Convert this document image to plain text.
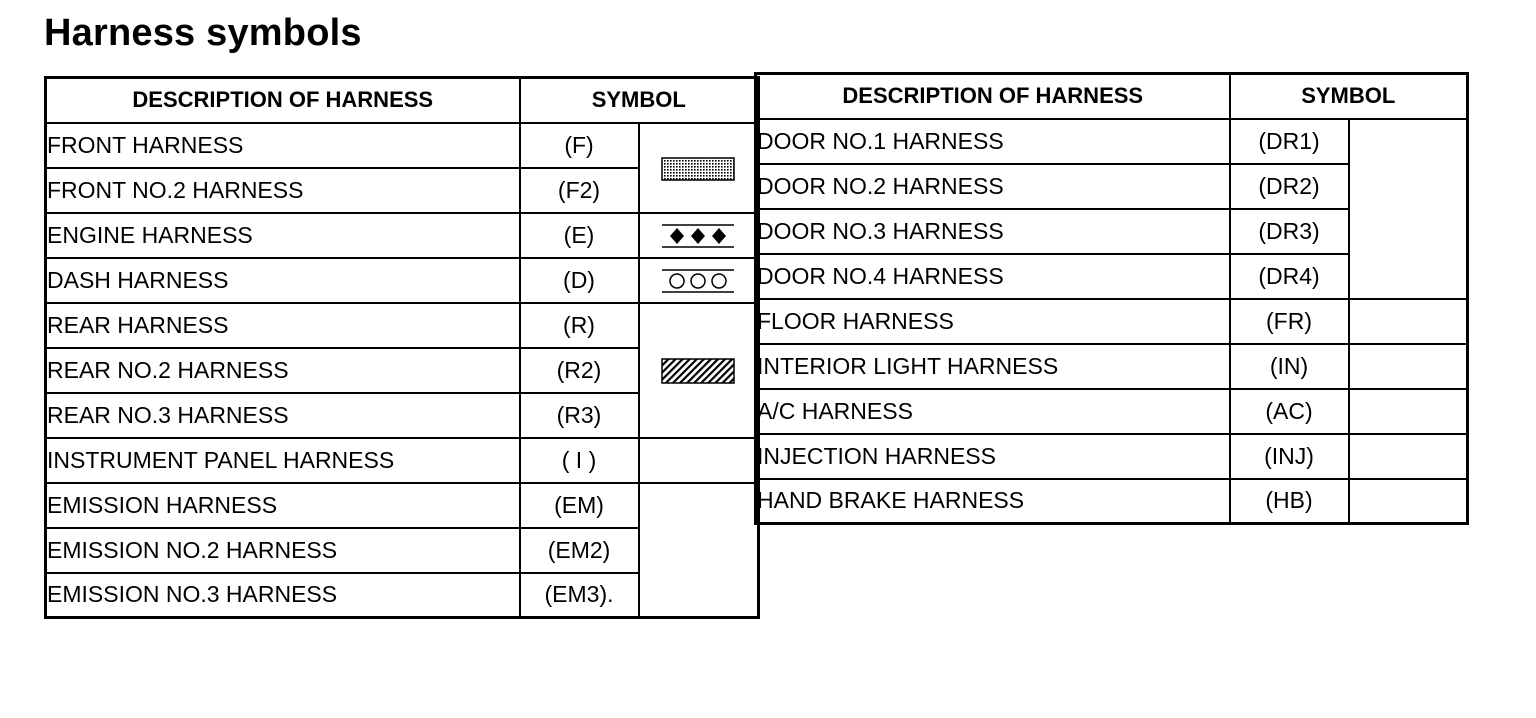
Harness symbols
DESCRIPTION OF HARNESS	SYMBOL	
FRONT HARNESS	(F)	
FRONT NO.2 HARNESS	(F2)	
ENGINE HARNESS	(E)	
DASH HARNESS	(D)	
REAR HARNESS	(R)	
REAR NO.2 HARNESS	(R2)	
REAR NO.3 HARNESS	(R3)	
INSTRUMENT PANEL HARNESS	( I )	
EMISSION HARNESS	(EM)	
EMISSION NO.2 HARNESS	(EM2)	
EMISSION NO.3 HARNESS	(EM3).	
DESCRIPTION OF HARNESS	SYMBOL	
DOOR NO.1 HARNESS	(DR1)	
DOOR NO.2 HARNESS	(DR2)	
DOOR NO.3 HARNESS	(DR3)	
DOOR NO.4 HARNESS	(DR4)	
FLOOR HARNESS	(FR)	
INTERIOR LIGHT HARNESS	(IN)	
A/C HARNESS	(AC)	
INJECTION HARNESS	(INJ)	
HAND BRAKE HARNESS	(HB)	
